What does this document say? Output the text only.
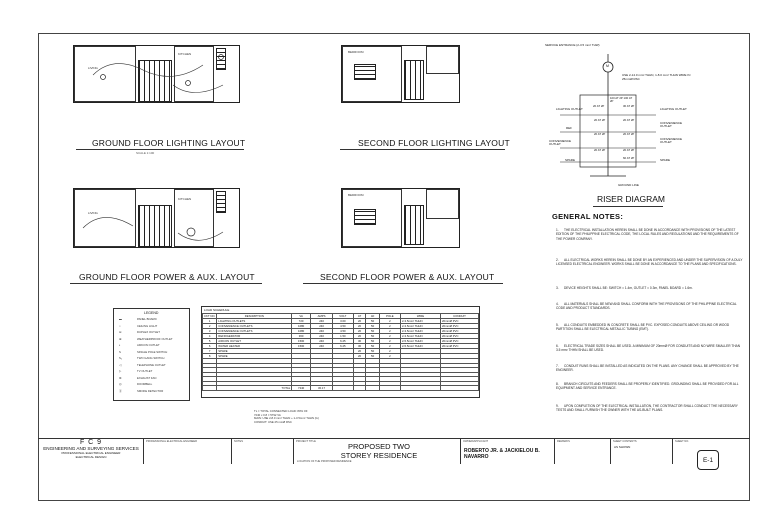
LIVING
KITCHEN
GROUND FLOOR LIGHTING LAYOUT
SCALE 1:100
BEDROOM
SECOND FLOOR LIGHTING LAYOUT
LIVING
KITCHEN
GROUND FLOOR POWER & AUX. LAYOUT
BEDROOM
SECOND FLOOR POWER & AUX. LAYOUT
SERVICE ENTRANCE (2-3.5 mm² THW)
M
USE 2-14.0 mm² THHN, 1-8.0 mm² THHN WIRE IN 25mmØ RSC
100 AT 2P 100 AT 2P
LIGHTING OUTLET
REF
CONVENIENCE OUTLET
SPARE
LIGHTING OUTLET
CONVENIENCE OUTLET
CONVENIENCE OUTLET
SPARE
20 AT 2P
20 AT 2P
20 AT 2P
20 AT 2P
30 AT 2P
20 AT 2P
20 AT 2P
20 AT 2P
60 AT 2P
GROUND LINE
RISER DIAGRAM
GENERAL NOTES:
1. THE ELECTRICAL INSTALLATION HEREIN SHALL BE DONE IN ACCORDANCE WITH PROVISIONS OF THE LATEST EDITION OF THE PHILIPPINE ELECTRICAL CODE, THE LOCAL RULES AND REGULATIONS AND THE REQUIREMENTS OF THE POWER COMPANY.
2. ALL ELECTRICAL WORKS HEREIN SHALL BE DONE BY AN EXPERIENCED AND UNDER THE SUPERVISION OF A DULY LICENSED ELECTRICAL ENGINEER. WORKS SHALL BE DONE IN ACCORDANCE TO THE PLANS AND SPECIFICATIONS.
3. DEVICE HEIGHTS SHALL BE: SWITCH = 1.4m, OUTLET = 0.3m, PANEL BOARD = 1.6m.
4. ALL MATERIALS SHALL BE NEW AND SHALL CONFORM WITH THE PROVISIONS OF THE PHILIPPINE ELECTRICAL CODE AND PRODUCT STANDARDS.
5. ALL CONDUITS EMBEDDED IN CONCRETE SHALL BE PVC. EXPOSED CONDUITS ABOVE CEILING OR WOOD PARTITION SHALL BE ELECTRICAL METALLIC TUBING (EMT).
6. ELECTRICAL TRADE SIZES SHALL BE USED. A MINIMUM OF 20mmØ FOR CONDUITS AND NO WIRE SMALLER THAN 3.5 mm² THHN SHALL BE USED.
7. CONDUIT RUNS SHALL BE INSTALLED AS INDICATED ON THE PLANS. ANY CHANGE SHALL BE APPROVED BY THE ENGINEER.
8. BRANCH CIRCUITS AND FEEDERS SHALL BE PROPERLY IDENTIFIED. GROUNDING SHALL BE PROVIDED FOR ALL EQUIPMENT AND SERVICE ENTRANCE.
9. UPON COMPLETION OF THE ELECTRICAL INSTALLATION, THE CONTRACTOR SHALL CONDUCT THE NECESSARY TESTS AND SHALL FURNISH THE OWNER WITH THE AS-BUILT PLANS.
LEGEND
▬	PANEL BOARD
○	CEILING LIGHT
⊖	DUPLEX OUTLET
⊕	WEATHERPROOF OUTLET
◐	AIRCON OUTLET
S	SINGLE POLE SWITCH
S₂	TWO GANG SWITCH
◁	TELEPHONE OUTLET
▷	TV OUTLET
⊗	EXHAUST FAN
◎	DOORBELL
Ⓢ	SMOKE DETECTOR
LOAD SCHEDULE
CKT NO.	DESCRIPTION	VA	AMPS	VOLT	AT	AF	POLE	WIRE	CONDUIT
1	LIGHTING OUTLETS	720	240	3.00	20	50	2	2-3.5mm² THHN	20mmØ PVC
2	CONVENIENCE OUTLETS	1080	240	4.50	20	50	2	2-3.5mm² THHN	20mmØ PVC
3	CONVENIENCE OUTLETS	1080	240	4.50	20	50	2	2-3.5mm² THHN	20mmØ PVC
4	REFRIGERATOR	360	240	1.50	20	50	2	2-3.5mm² THHN	20mmØ PVC
5	AIRCON OUTLET	1500	240	6.25	30	50	2	2-5.5mm² THHN	20mmØ PVC
6	WATER HEATER	1500	240	6.25	30	50	2	2-5.5mm² THHN	20mmØ PVC
7	SPARE				20	50	2		
8	SPARE				20	50	2		

	TOTAL	7240	30.17						
TL = TOTAL CONNECTED LOAD: 80% OF
7240 x 0.8 = 5792 VA
MAIN: USE 2-8.0 mm² THHN + 1-3.5mm² THHN (G)
CONDUIT: USE 25 mmØ RSC
F C 9
ENGINEERING AND SURVEYING SERVICES
PROFESSIONAL ELECTRICAL ENGINEER
ELECTRICAL DESIGN
PROFESSIONAL ELECTRICAL ENGINEER	NOTES	PROJECT TITLE
PROPOSED TWO STOREY RESIDENCE
LOCATION OF THE PROPOSED RESIDENCE
OWNER/APPLICANT
ROBERTO JR. & JACKIELOU B. NAVARRO
REMARKS	SHEET CONTENTS
AS SHOWN
SHEET NO.
E-1
